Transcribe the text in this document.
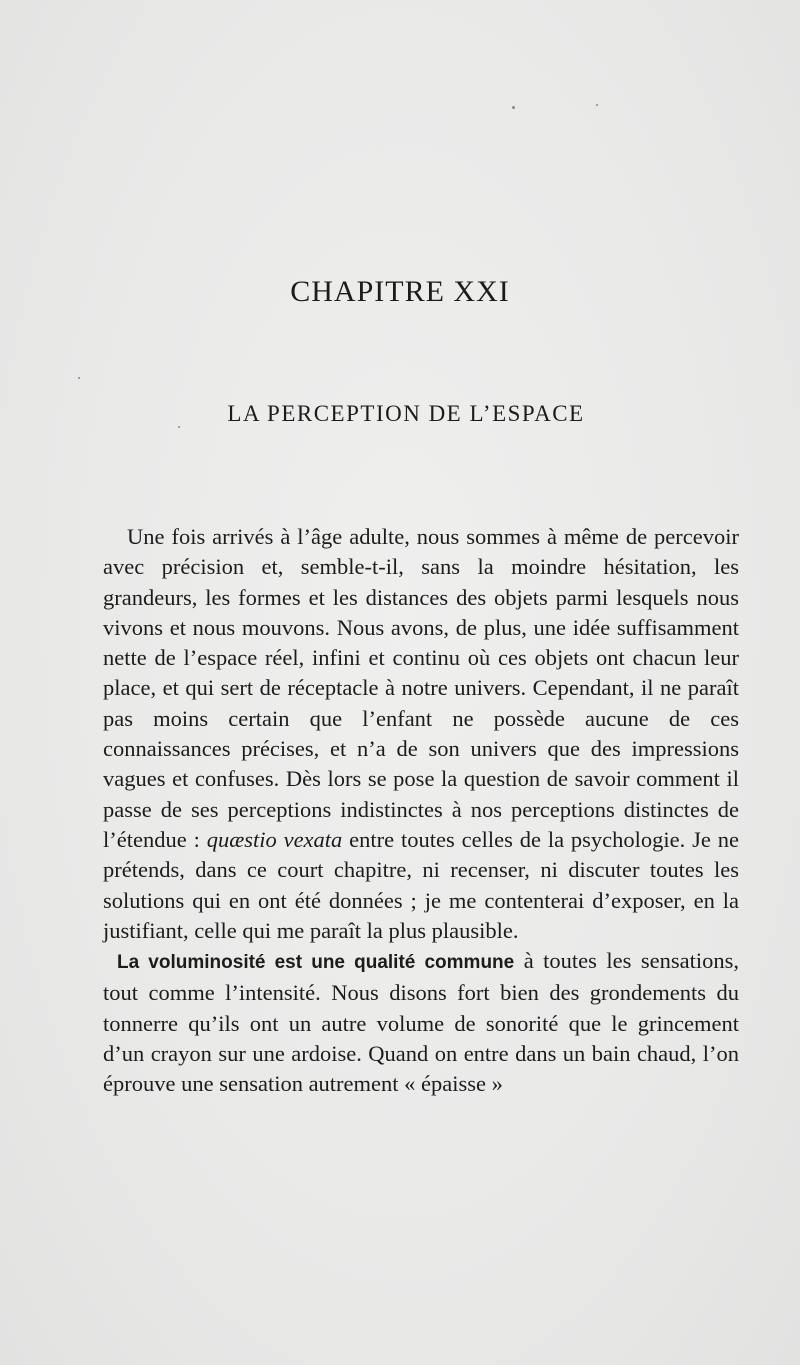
CHAPITRE XXI
LA PERCEPTION DE L’ESPACE

Une fois arrivés à l’âge adulte, nous sommes à même de percevoir avec précision et, semble-t-il, sans la moindre hésitation, les grandeurs, les formes et les distances des objets parmi lesquels nous vivons et nous mouvons. Nous avons, de plus, une idée suffisamment nette de l’espace réel, infini et continu où ces objets ont chacun leur place, et qui sert de réceptacle à notre univers. Cependant, il ne paraît pas moins certain que l’enfant ne possède aucune de ces connaissances précises, et n’a de son univers que des impressions vagues et confuses. Dès lors se pose la question de savoir comment il passe de ses perceptions indistinctes à nos perceptions distinctes de l’étendue : quæstio vexata entre toutes celles de la psychologie. Je ne prétends, dans ce court chapitre, ni recenser, ni discuter toutes les solutions qui en ont été données ; je me contenterai d’exposer, en la justifiant, celle qui me paraît la plus plausible.

La voluminosité est une qualité commune à toutes les sensations, tout comme l’intensité. Nous disons fort bien des grondements du tonnerre qu’ils ont un autre volume de sonorité que le grincement d’un crayon sur une ardoise. Quand on entre dans un bain chaud, l’on éprouve une sensation autrement « épaisse »
